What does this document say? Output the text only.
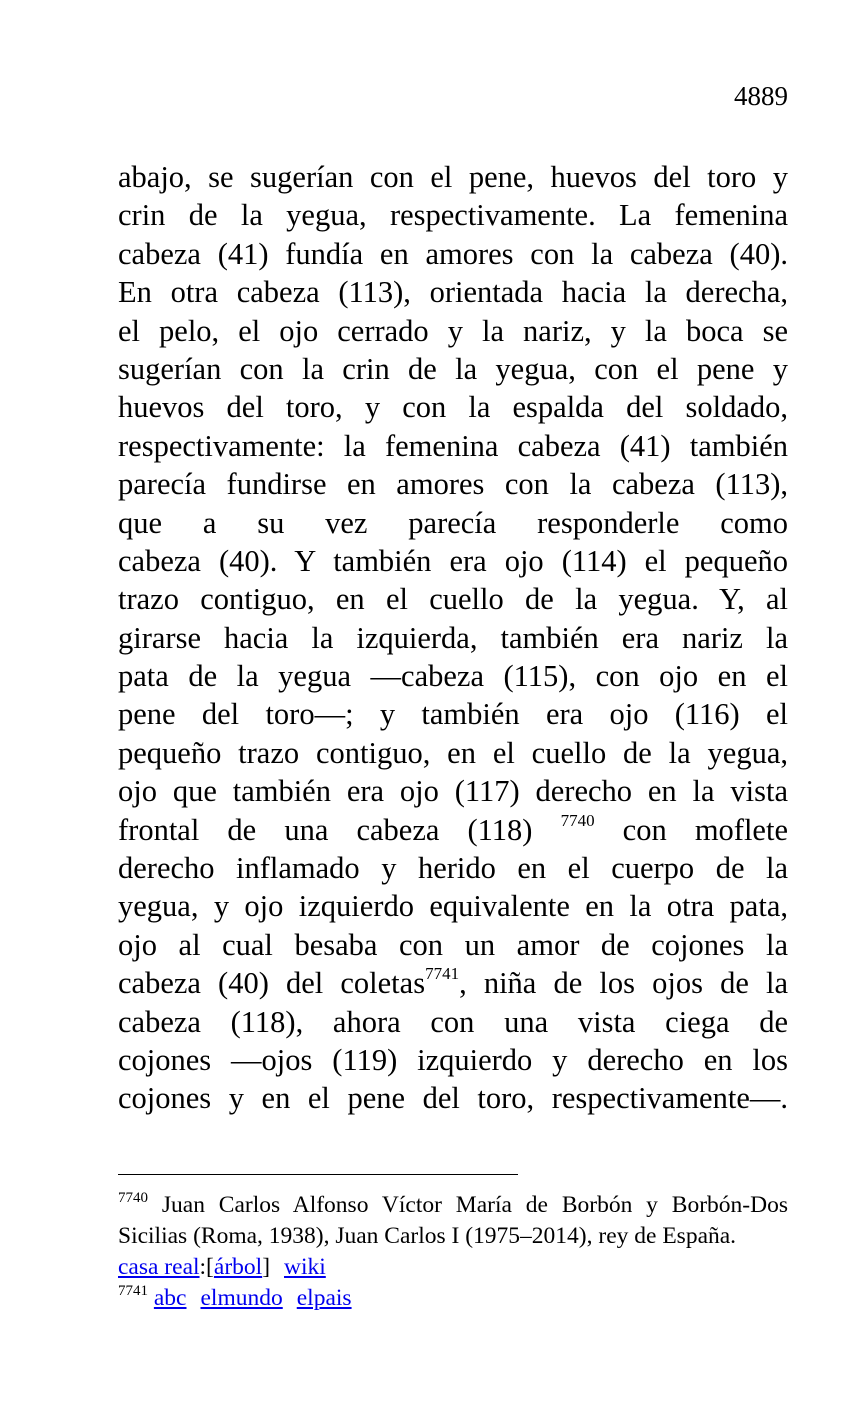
4889
abajo, se sugerían con el pene, huevos del toro y
crin de la yegua, respectivamente. La femenina
cabeza (41) fundía en amores con la cabeza (40).
En otra cabeza (113), orientada hacia la derecha,
el pelo, el ojo cerrado y la nariz, y la boca se
sugerían con la crin de la yegua, con el pene y
huevos del toro, y con la espalda del soldado,
respectivamente: la femenina cabeza (41) también
parecía fundirse en amores con la cabeza (113),
que a su vez parecía responderle como
cabeza (40). Y también era ojo (114) el pequeño
trazo contiguo, en el cuello de la yegua. Y, al
girarse hacia la izquierda, también era nariz la
pata de la yegua —cabeza (115), con ojo en el
pene del toro—; y también era ojo (116) el
pequeño trazo contiguo, en el cuello de la yegua,
ojo que también era ojo (117) derecho en la vista
frontal de una cabeza (118) $^{7740}$ con moflete
derecho inflamado y herido en el cuerpo de la
yegua, y ojo izquierdo equivalente en la otra pata,
ojo al cual besaba con un amor de cojones la
cabeza (40) del coletas$^{7741}$, niña de los ojos de la
cabeza (118), ahora con una vista ciega de
cojones —ojos (119) izquierdo y derecho en los
cojones y en el pene del toro, respectivamente—.
$^{7740}$ Juan Carlos Alfonso Víctor María de Borbón y Borbón-Dos
Sicilias (Roma, 1938), Juan Carlos I (1975–2014), rey de España.
casa real:[árbol] wiki
$^{7741}$ abc elmundo elpais
